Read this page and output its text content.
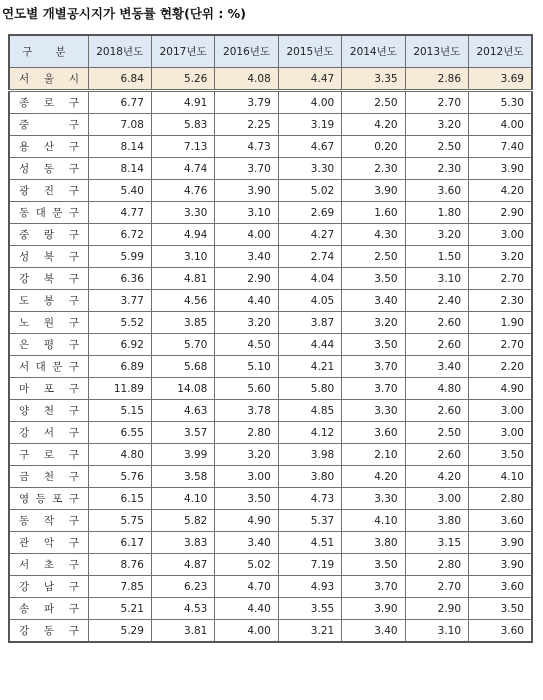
연도별 개별공시지가 변동률 현황(단위 : %)
구 분	2018년도	2017년도	2016년도	2015년도	2014년도	2013년도	2012년도

서 울 시	6.84	5.26	4.08	4.47	3.35	2.86	3.69

종 로 구	6.77	4.91	3.79	4.00	2.50	2.70	5.30

중 구	7.08	5.83	2.25	3.19	4.20	3.20	4.00

용 산 구	8.14	7.13	4.73	4.67	0.20	2.50	7.40

성 동 구	8.14	4.74	3.70	3.30	2.30	2.30	3.90

광 진 구	5.40	4.76	3.90	5.02	3.90	3.60	4.20

동 대 문 구	4.77	3.30	3.10	2.69	1.60	1.80	2.90

중 랑 구	6.72	4.94	4.00	4.27	4.30	3.20	3.00

성 북 구	5.99	3.10	3.40	2.74	2.50	1.50	3.20

강 북 구	6.36	4.81	2.90	4.04	3.50	3.10	2.70

도 봉 구	3.77	4.56	4.40	4.05	3.40	2.40	2.30

노 원 구	5.52	3.85	3.20	3.87	3.20	2.60	1.90

은 평 구	6.92	5.70	4.50	4.44	3.50	2.60	2.70

서 대 문 구	6.89	5.68	5.10	4.21	3.70	3.40	2.20

마 포 구	11.89	14.08	5.60	5.80	3.70	4.80	4.90

양 천 구	5.15	4.63	3.78	4.85	3.30	2.60	3.00

강 서 구	6.55	3.57	2.80	4.12	3.60	2.50	3.00

구 로 구	4.80	3.99	3.20	3.98	2.10	2.60	3.50

금 천 구	5.76	3.58	3.00	3.80	4.20	4.20	4.10

영 등 포 구	6.15	4.10	3.50	4.73	3.30	3.00	2.80

동 작 구	5.75	5.82	4.90	5.37	4.10	3.80	3.60

관 악 구	6.17	3.83	3.40	4.51	3.80	3.15	3.90

서 초 구	8.76	4.87	5.02	7.19	3.50	2.80	3.90

강 남 구	7.85	6.23	4.70	4.93	3.70	2.70	3.60

송 파 구	5.21	4.53	4.40	3.55	3.90	2.90	3.50

강 동 구	5.29	3.81	4.00	3.21	3.40	3.10	3.60
